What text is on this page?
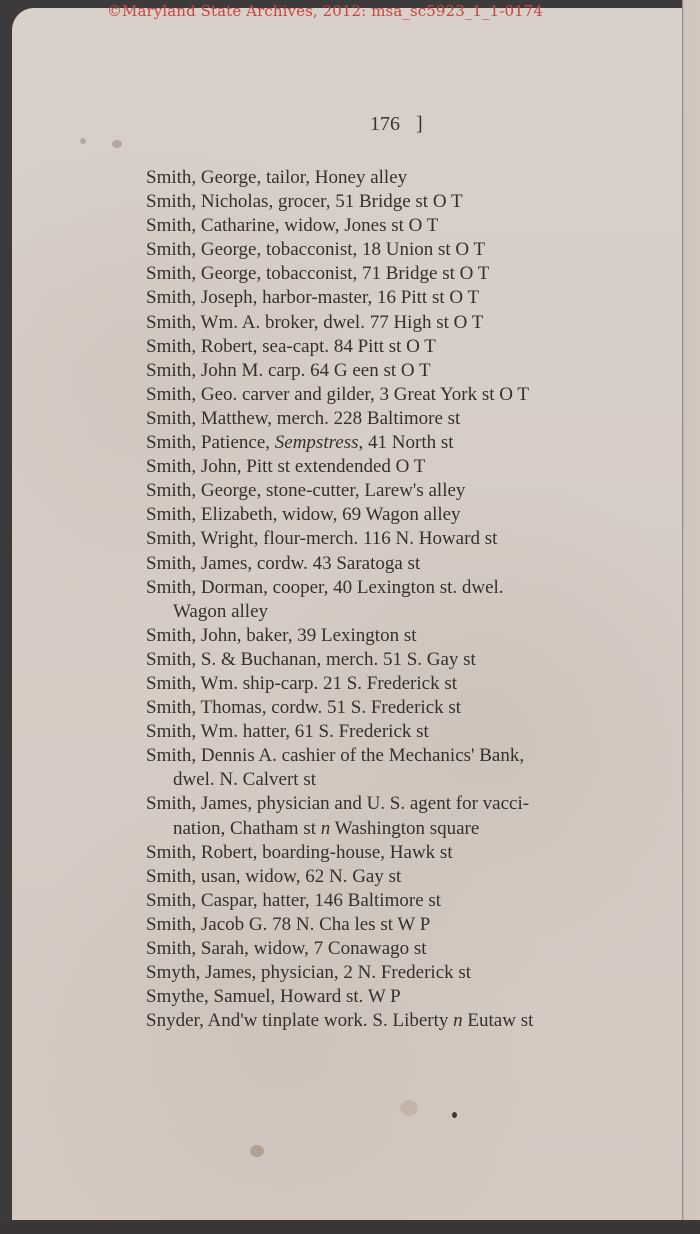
©Maryland State Archives, 2012: msa_sc5923_1_1-0174
176 ]
Smith, George, tailor, Honey alley
Smith, Nicholas, grocer, 51 Bridge st O T
Smith, Catharine, widow, Jones st O T
Smith, George, tobacconist, 18 Union st O T
Smith, George, tobacconist, 71 Bridge st O T
Smith, Joseph, harbor-master, 16 Pitt st O T
Smith, Wm. A. broker, dwel. 77 High st O T
Smith, Robert, sea-capt. 84 Pitt st O T
Smith, John M. carp. 64 G een st O T
Smith, Geo. carver and gilder, 3 Great York st O T
Smith, Matthew, merch. 228 Baltimore st
Smith, Patience, Sempstress, 41 North st
Smith, John, Pitt st extendended O T
Smith, George, stone-cutter, Larew's alley
Smith, Elizabeth, widow, 69 Wagon alley
Smith, Wright, flour-merch. 116 N. Howard st
Smith, James, cordw. 43 Saratoga st
Smith, Dorman, cooper, 40 Lexington st. dwel.
Wagon alley
Smith, John, baker, 39 Lexington st
Smith, S. & Buchanan, merch. 51 S. Gay st
Smith, Wm. ship-carp. 21 S. Frederick st
Smith, Thomas, cordw. 51 S. Frederick st
Smith, Wm. hatter, 61 S. Frederick st
Smith, Dennis A. cashier of the Mechanics' Bank,
dwel. N. Calvert st
Smith, James, physician and U. S. agent for vacci-
nation, Chatham st n Washington square
Smith, Robert, boarding-house, Hawk st
Smith, usan, widow, 62 N. Gay st
Smith, Caspar, hatter, 146 Baltimore st
Smith, Jacob G. 78 N. Cha les st W P
Smith, Sarah, widow, 7 Conawago st
Smyth, James, physician, 2 N. Frederick st
Smythe, Samuel, Howard st. W P
Snyder, And'w tinplate work. S. Liberty n Eutaw st
